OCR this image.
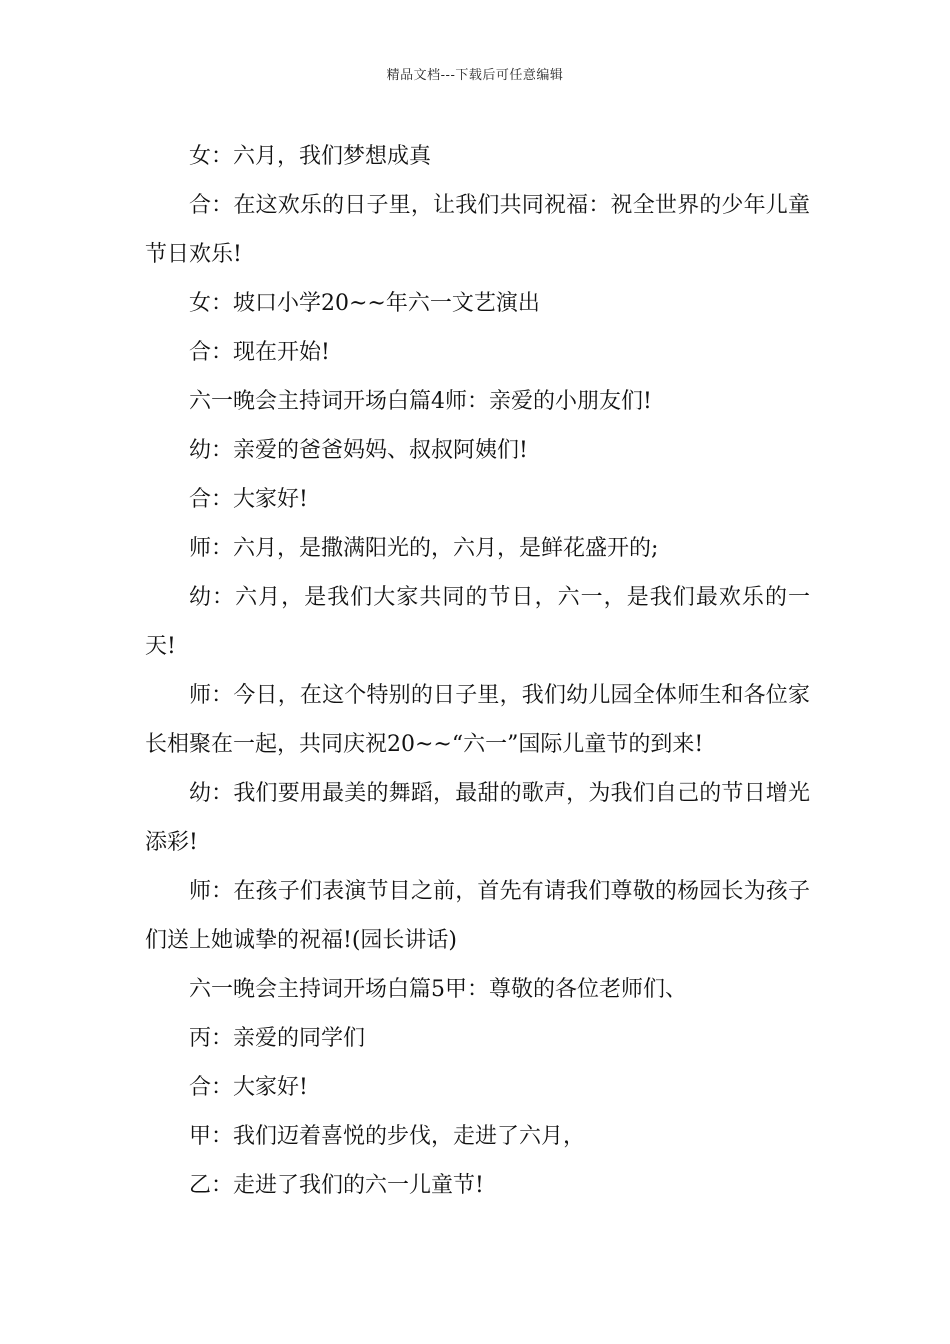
精品文档---下载后可任意编辑

女：六月，我们梦想成真

合：在这欢乐的日子里，让我们共同祝福：祝全世界的少年儿童节日欢乐!

女：坡口小学20~~年六一文艺演出

合：现在开始!

六一晚会主持词开场白篇4师：亲爱的小朋友们!

幼：亲爱的爸爸妈妈、叔叔阿姨们!

合：大家好!

师：六月，是撒满阳光的，六月，是鲜花盛开的;

幼：六月，是我们大家共同的节日，六一，是我们最欢乐的一天!

师：今日，在这个特别的日子里，我们幼儿园全体师生和各位家长相聚在一起，共同庆祝20~~“六一”国际儿童节的到来!

幼：我们要用最美的舞蹈，最甜的歌声，为我们自己的节日增光添彩!

师：在孩子们表演节目之前，首先有请我们尊敬的杨园长为孩子们送上她诚挚的祝福!(园长讲话)

六一晚会主持词开场白篇5甲：尊敬的各位老师们、

丙：亲爱的同学们

合：大家好!

甲：我们迈着喜悦的步伐，走进了六月，

乙：走进了我们的六一儿童节!
